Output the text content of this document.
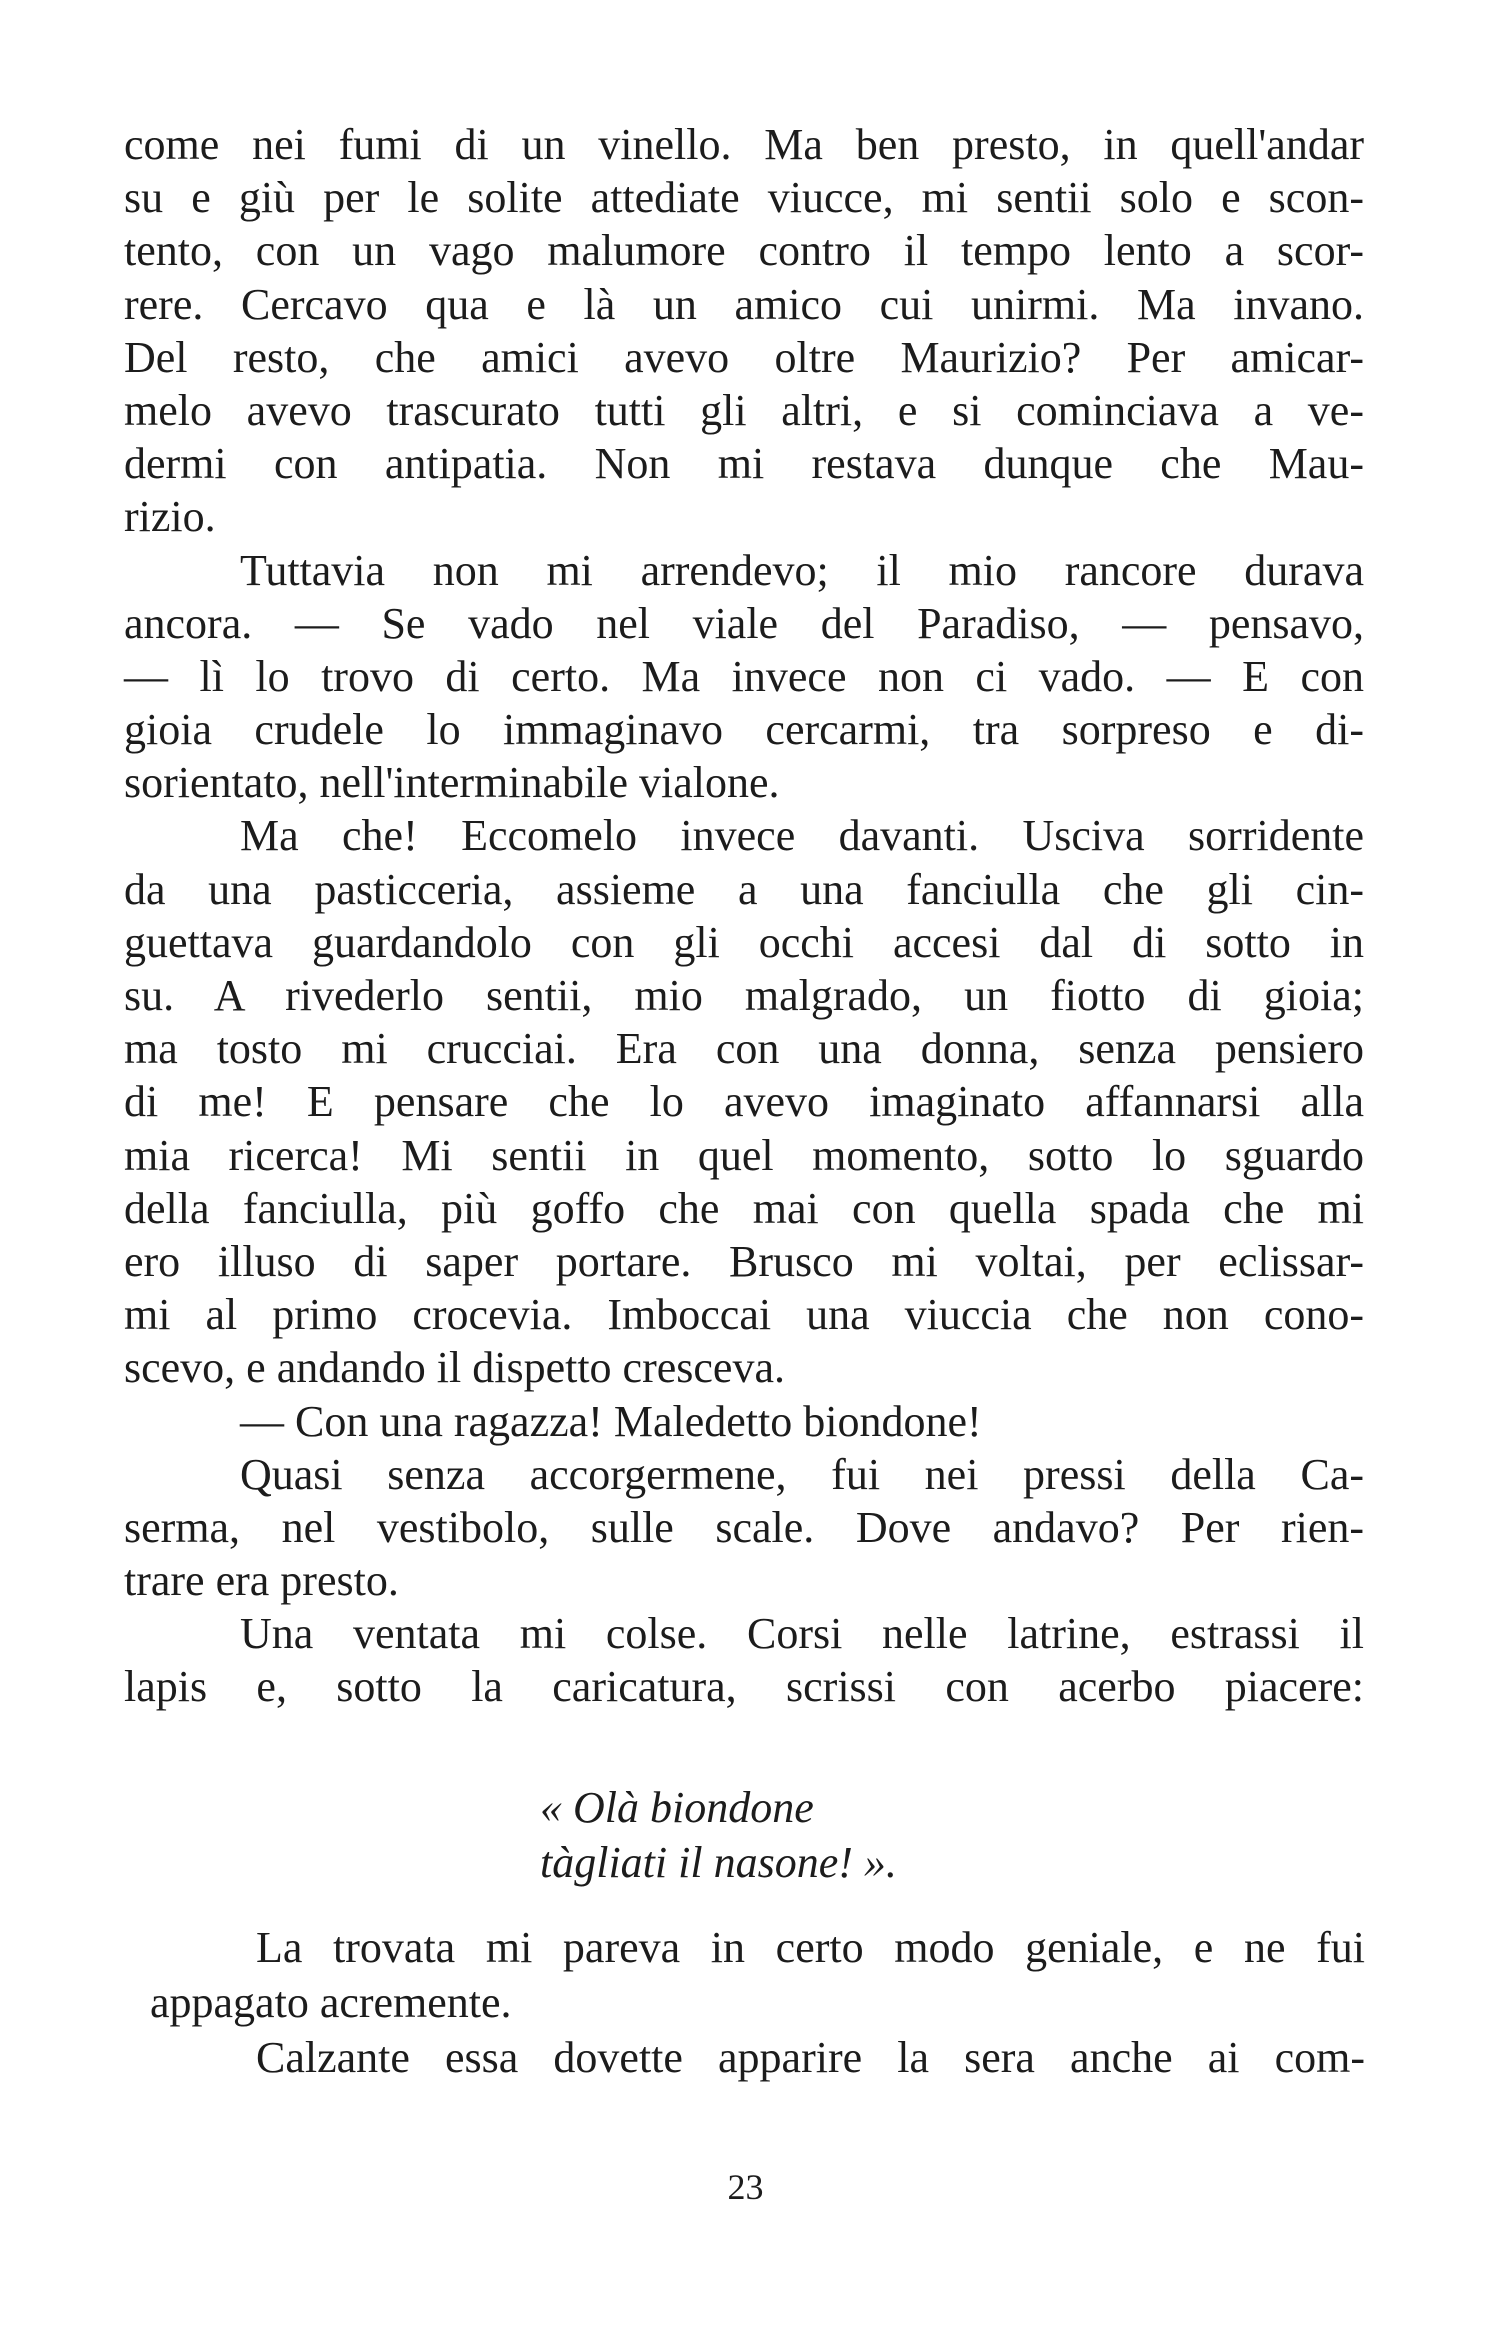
come nei fumi di un vinello. Ma ben presto, in quell'andar
su e giù per le solite attediate viucce, mi sentii solo e scon-
tento, con un vago malumore contro il tempo lento a scor-
rere. Cercavo qua e là un amico cui unirmi. Ma invano.
Del resto, che amici avevo oltre Maurizio? Per amicar-
melo avevo trascurato tutti gli altri, e si cominciava a ve-
dermi con antipatia. Non mi restava dunque che Mau-
rizio.
Tuttavia non mi arrendevo; il mio rancore durava
ancora. — Se vado nel viale del Paradiso, — pensavo,
— lì lo trovo di certo. Ma invece non ci vado. — E con
gioia crudele lo immaginavo cercarmi, tra sorpreso e di-
sorientato, nell'interminabile vialone.
Ma che! Eccomelo invece davanti. Usciva sorridente
da una pasticceria, assieme a una fanciulla che gli cin-
guettava guardandolo con gli occhi accesi dal di sotto in
su. A rivederlo sentii, mio malgrado, un fiotto di gioia;
ma tosto mi crucciai. Era con una donna, senza pensiero
di me! E pensare che lo avevo imaginato affannarsi alla
mia ricerca! Mi sentii in quel momento, sotto lo sguardo
della fanciulla, più goffo che mai con quella spada che mi
ero illuso di saper portare. Brusco mi voltai, per eclissar-
mi al primo crocevia. Imboccai una viuccia che non cono-
scevo, e andando il dispetto cresceva.
— Con una ragazza! Maledetto biondone!
Quasi senza accorgermene, fui nei pressi della Ca-
serma, nel vestibolo, sulle scale. Dove andavo? Per rien-
trare era presto.
Una ventata mi colse. Corsi nelle latrine, estrassi il
lapis e, sotto la caricatura, scrissi con acerbo piacere:
« Olà biondone
tàgliati il nasone! ».
La trovata mi pareva in certo modo geniale, e ne fui
appagato acremente.
Calzante essa dovette apparire la sera anche ai com-
23
